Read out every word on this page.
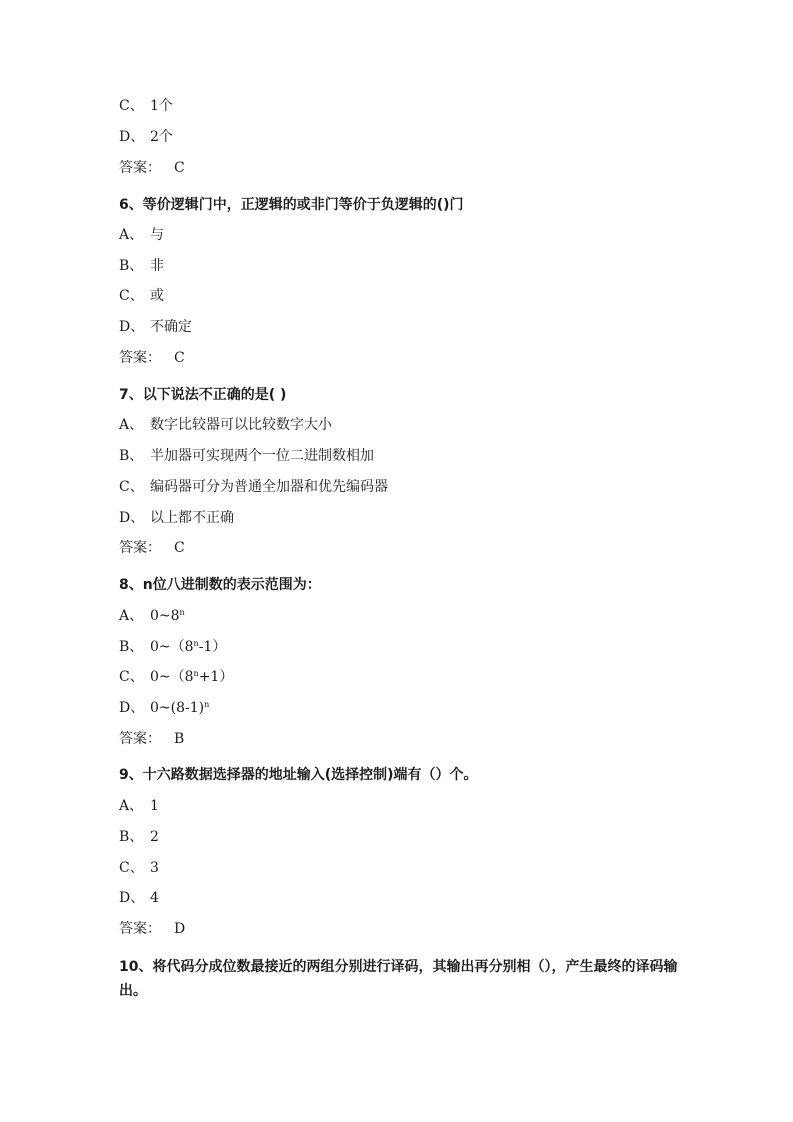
C、 1个
D、 2个
答案： C
6、等价逻辑门中，正逻辑的或非门等价于负逻辑的()门
A、 与
B、 非
C、 或
D、 不确定
答案： C
7、以下说法不正确的是( )
A、 数字比较器可以比较数字大小
B、 半加器可实现两个一位二进制数相加
C、 编码器可分为普通全加器和优先编码器
D、 以上都不正确
答案： C
8、n位八进制数的表示范围为：
A、 0~8$^n$
B、 0~（8$^n$-1）
C、 $0\sim(8^n+1)$
D、 $0\sim(8-1)^n$
答案： B
9、十六路数据选择器的地址输入(选择控制)端有（）个。
A、 1
B、 2
C、 3
D、 4
答案： D
10、将代码分成位数最接近的两组分别进行译码，其输出再分别相（），产生最终的译码输出。
